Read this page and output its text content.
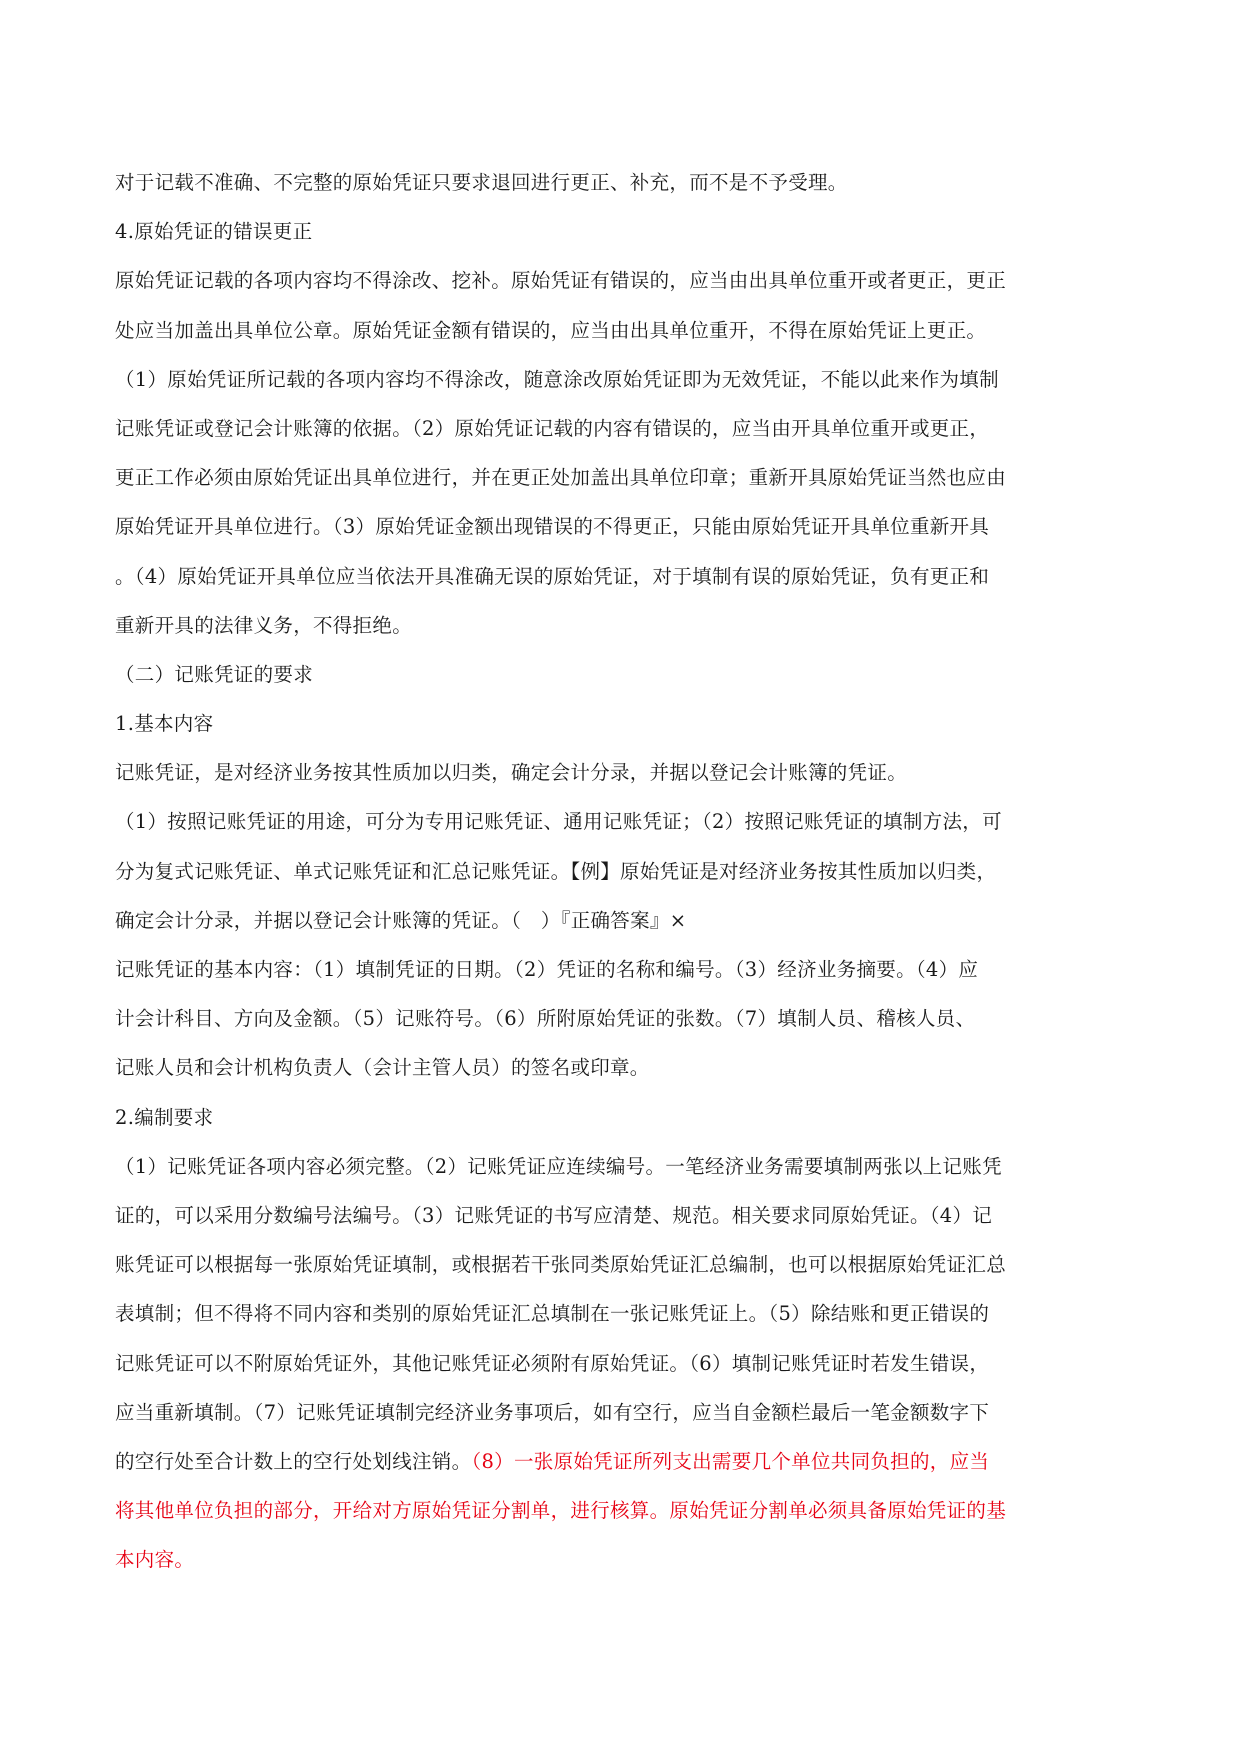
对于记载不准确、不完整的原始凭证只要求退回进行更正、补充，而不是不予受理。
4.原始凭证的错误更正
原始凭证记载的各项内容均不得涂改、挖补。原始凭证有错误的，应当由出具单位重开或者更正，更正
处应当加盖出具单位公章。原始凭证金额有错误的，应当由出具单位重开，不得在原始凭证上更正。
（1）原始凭证所记载的各项内容均不得涂改，随意涂改原始凭证即为无效凭证，不能以此来作为填制
记账凭证或登记会计账簿的依据。（2）原始凭证记载的内容有错误的，应当由开具单位重开或更正，
更正工作必须由原始凭证出具单位进行，并在更正处加盖出具单位印章；重新开具原始凭证当然也应由
原始凭证开具单位进行。（3）原始凭证金额出现错误的不得更正，只能由原始凭证开具单位重新开具
。（4）原始凭证开具单位应当依法开具准确无误的原始凭证，对于填制有误的原始凭证，负有更正和
重新开具的法律义务，不得拒绝。
（二）记账凭证的要求
1.基本内容
记账凭证，是对经济业务按其性质加以归类，确定会计分录，并据以登记会计账簿的凭证。
（1）按照记账凭证的用途，可分为专用记账凭证、通用记账凭证；（2）按照记账凭证的填制方法，可
分为复式记账凭证、单式记账凭证和汇总记账凭证。【例】原始凭证是对经济业务按其性质加以归类，
确定会计分录，并据以登记会计账簿的凭证。（　）『正确答案』×
记账凭证的基本内容：（1）填制凭证的日期。（2）凭证的名称和编号。（3）经济业务摘要。（4）应
计会计科目、方向及金额。（5）记账符号。（6）所附原始凭证的张数。（7）填制人员、稽核人员、
记账人员和会计机构负责人（会计主管人员）的签名或印章。
2.编制要求
（1）记账凭证各项内容必须完整。（2）记账凭证应连续编号。一笔经济业务需要填制两张以上记账凭
证的，可以采用分数编号法编号。（3）记账凭证的书写应清楚、规范。相关要求同原始凭证。（4）记
账凭证可以根据每一张原始凭证填制，或根据若干张同类原始凭证汇总编制，也可以根据原始凭证汇总
表填制；但不得将不同内容和类别的原始凭证汇总填制在一张记账凭证上。（5）除结账和更正错误的
记账凭证可以不附原始凭证外，其他记账凭证必须附有原始凭证。（6）填制记账凭证时若发生错误，
应当重新填制。（7）记账凭证填制完经济业务事项后，如有空行，应当自金额栏最后一笔金额数字下
的空行处至合计数上的空行处划线注销。（8）一张原始凭证所列支出需要几个单位共同负担的，应当
将其他单位负担的部分，开给对方原始凭证分割单，进行核算。原始凭证分割单必须具备原始凭证的基
本内容。
